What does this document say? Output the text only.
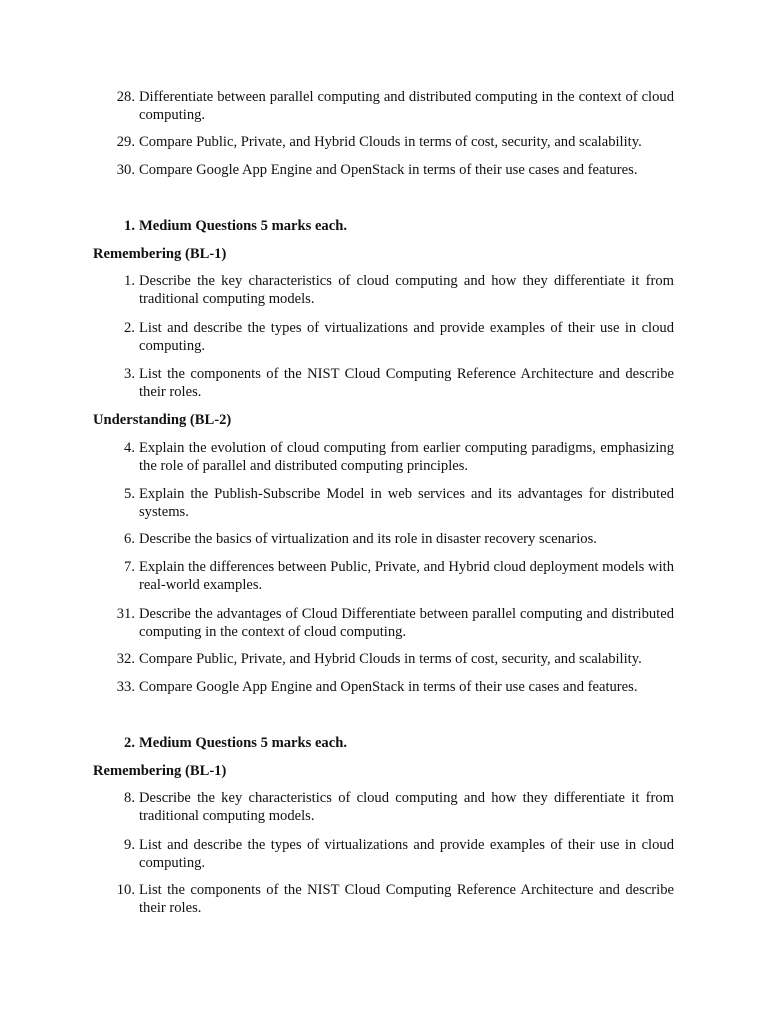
28. Differentiate between parallel computing and distributed computing in the context of cloud computing.
29. Compare Public, Private, and Hybrid Clouds in terms of cost, security, and scalability.
30. Compare Google App Engine and OpenStack in terms of their use cases and features.
1. Medium Questions 5 marks each.
Remembering (BL-1)
1. Describe the key characteristics of cloud computing and how they differentiate it from traditional computing models.
2. List and describe the types of virtualizations and provide examples of their use in cloud computing.
3. List the components of the NIST Cloud Computing Reference Architecture and describe their roles.
Understanding (BL-2)
4. Explain the evolution of cloud computing from earlier computing paradigms, emphasizing the role of parallel and distributed computing principles.
5. Explain the Publish-Subscribe Model in web services and its advantages for distributed systems.
6. Describe the basics of virtualization and its role in disaster recovery scenarios.
7. Explain the differences between Public, Private, and Hybrid cloud deployment models with real-world examples.
31. Describe the advantages of Cloud Differentiate between parallel computing and distributed computing in the context of cloud computing.
32. Compare Public, Private, and Hybrid Clouds in terms of cost, security, and scalability.
33. Compare Google App Engine and OpenStack in terms of their use cases and features.
2. Medium Questions 5 marks each.
Remembering (BL-1)
8. Describe the key characteristics of cloud computing and how they differentiate it from traditional computing models.
9. List and describe the types of virtualizations and provide examples of their use in cloud computing.
10. List the components of the NIST Cloud Computing Reference Architecture and describe their roles.
